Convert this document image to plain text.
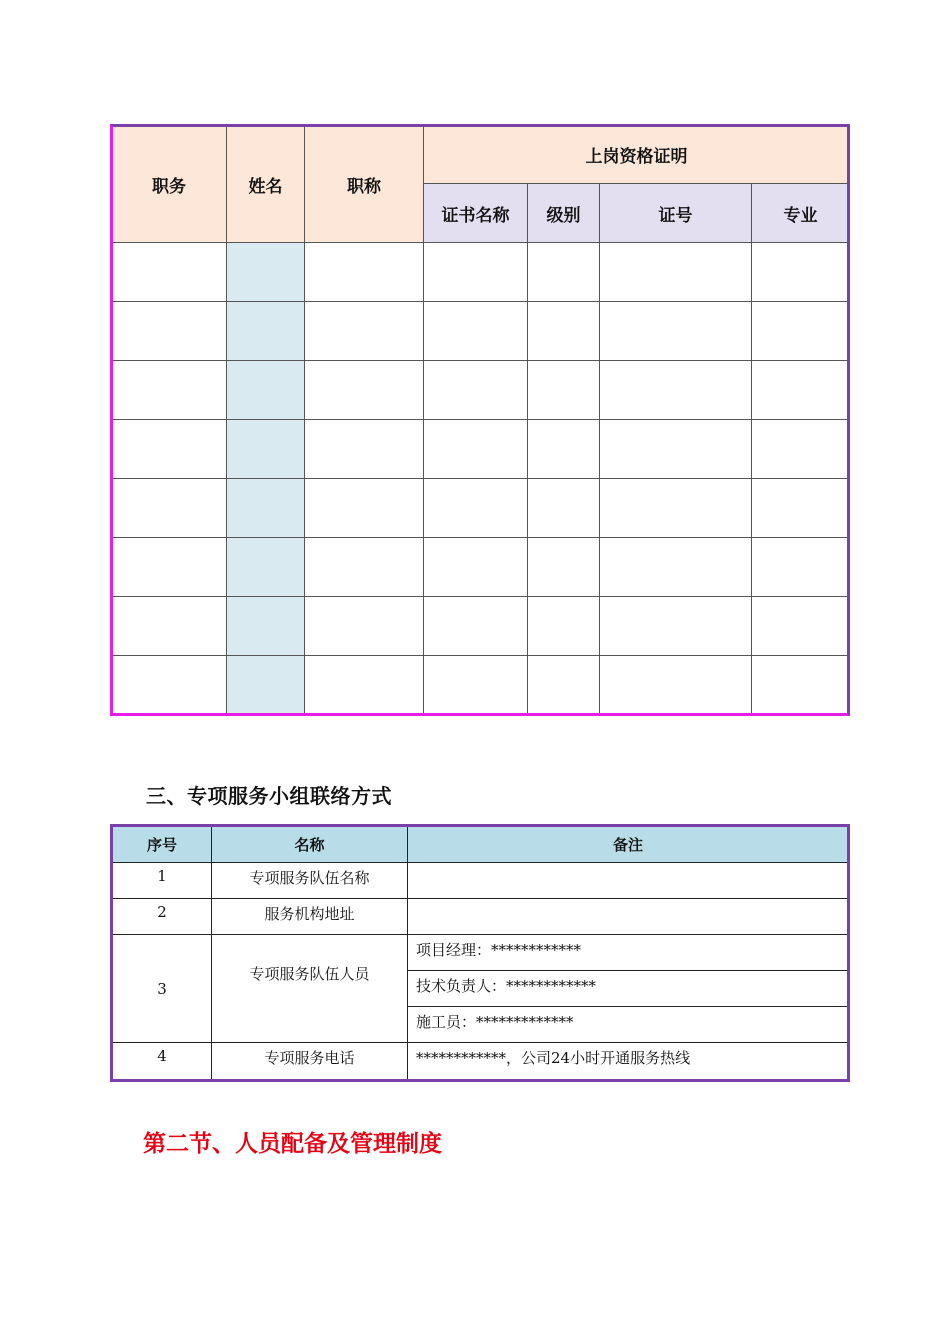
职务	姓名	职称	上岗资格证明			
			证书名称	级别	证号	专业

三、专项服务小组联络方式
序号	名称	备注
1	专项服务队伍名称	
2	服务机构地址	
3	专项服务队伍人员	项目经理：************
		技术负责人：************
		施工员：*************
4	专项服务电话	************，公司24小时开通服务热线
第二节、人员配备及管理制度
